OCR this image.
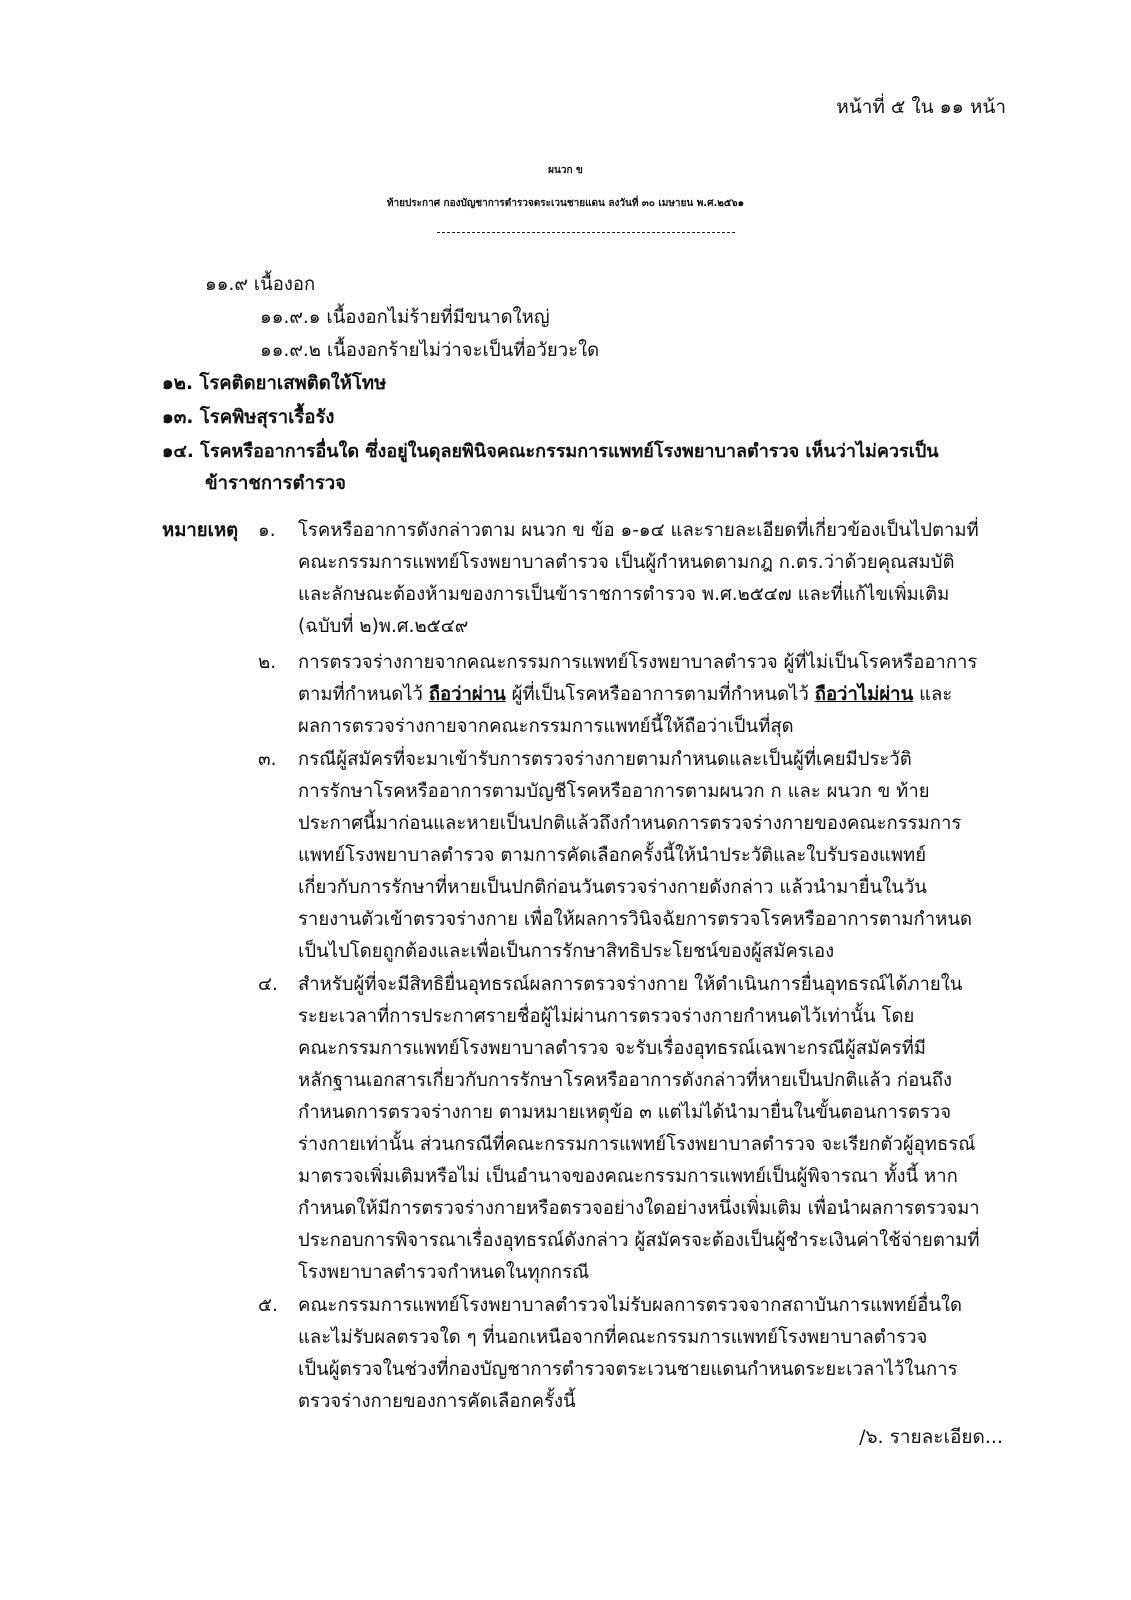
หน้าที่ ๕ ใน ๑๑ หน้า
ผนวก ข
ท้ายประกาศ กองบัญชาการตำรวจตระเวนชายแดน ลงวันที่ ๓๐ เมษายน พ.ศ.๒๕๖๑
๑๑.๙ เนื้องอก
๑๑.๙.๑ เนื้องอกไม่ร้ายที่มีขนาดใหญ่
๑๑.๙.๒ เนื้องอกร้ายไม่ว่าจะเป็นที่อวัยวะใด
๑๒. โรคติดยาเสพติดให้โทษ
๑๓. โรคพิษสุราเรื้อรัง
๑๔. โรคหรืออาการอื่นใด ซึ่งอยู่ในดุลยพินิจคณะกรรมการแพทย์โรงพยาบาลตำรวจ เห็นว่าไม่ควรเป็น
ข้าราชการตำรวจ
หมายเหตุ ๑. โรคหรืออาการดังกล่าวตาม ผนวก ข ข้อ ๑-๑๔ และรายละเอียดที่เกี่ยวข้องเป็นไปตามที่
คณะกรรมการแพทย์โรงพยาบาลตำรวจ เป็นผู้กำหนดตามกฎ ก.ตร.ว่าด้วยคุณสมบัติ
และลักษณะต้องห้ามของการเป็นข้าราชการตำรวจ พ.ศ.๒๕๔๗ และที่แก้ไขเพิ่มเติม
(ฉบับที่ ๒)พ.ศ.๒๕๔๙
๒. การตรวจร่างกายจากคณะกรรมการแพทย์โรงพยาบาลตำรวจ ผู้ที่ไม่เป็นโรคหรืออาการ
ตามที่กำหนดไว้ ถือว่าผ่าน ผู้ที่เป็นโรคหรืออาการตามที่กำหนดไว้ ถือว่าไม่ผ่าน และ
ผลการตรวจร่างกายจากคณะกรรมการแพทย์นี้ให้ถือว่าเป็นที่สุด
๓. กรณีผู้สมัครที่จะมาเข้ารับการตรวจร่างกายตามกำหนดและเป็นผู้ที่เคยมีประวัติ
การรักษาโรคหรืออาการตามบัญชีโรคหรืออาการตามผนวก ก และ ผนวก ข ท้าย
ประกาศนี้มาก่อนและหายเป็นปกติแล้วถึงกำหนดการตรวจร่างกายของคณะกรรมการ
แพทย์โรงพยาบาลตำรวจ ตามการคัดเลือกครั้งนี้ให้นำประวัติและใบรับรองแพทย์
เกี่ยวกับการรักษาที่หายเป็นปกติก่อนวันตรวจร่างกายดังกล่าว แล้วนำมายื่นในวัน
รายงานตัวเข้าตรวจร่างกาย เพื่อให้ผลการวินิจฉัยการตรวจโรคหรืออาการตามกำหนด
เป็นไปโดยถูกต้องและเพื่อเป็นการรักษาสิทธิประโยชน์ของผู้สมัครเอง
๔. สำหรับผู้ที่จะมีสิทธิยื่นอุทธรณ์ผลการตรวจร่างกาย ให้ดำเนินการยื่นอุทธรณ์ได้ภายใน
ระยะเวลาที่การประกาศรายชื่อผู้ไม่ผ่านการตรวจร่างกายกำหนดไว้เท่านั้น โดย
คณะกรรมการแพทย์โรงพยาบาลตำรวจ จะรับเรื่องอุทธรณ์เฉพาะกรณีผู้สมัครที่มี
หลักฐานเอกสารเกี่ยวกับการรักษาโรคหรืออาการดังกล่าวที่หายเป็นปกติแล้ว ก่อนถึง
กำหนดการตรวจร่างกาย ตามหมายเหตุข้อ ๓ แต่ไม่ได้นำมายื่นในขั้นตอนการตรวจ
ร่างกายเท่านั้น ส่วนกรณีที่คณะกรรมการแพทย์โรงพยาบาลตำรวจ จะเรียกตัวผู้อุทธรณ์
มาตรวจเพิ่มเติมหรือไม่ เป็นอำนาจของคณะกรรมการแพทย์เป็นผู้พิจารณา ทั้งนี้ หาก
กำหนดให้มีการตรวจร่างกายหรือตรวจอย่างใดอย่างหนึ่งเพิ่มเติม เพื่อนำผลการตรวจมา
ประกอบการพิจารณาเรื่องอุทธรณ์ดังกล่าว ผู้สมัครจะต้องเป็นผู้ชำระเงินค่าใช้จ่ายตามที่
โรงพยาบาลตำรวจกำหนดในทุกกรณี
๕. คณะกรรมการแพทย์โรงพยาบาลตำรวจไม่รับผลการตรวจจากสถาบันการแพทย์อื่นใด
และไม่รับผลตรวจใด ๆ ที่นอกเหนือจากที่คณะกรรมการแพทย์โรงพยาบาลตำรวจ
เป็นผู้ตรวจในช่วงที่กองบัญชาการตำรวจตระเวนชายแดนกำหนดระยะเวลาไว้ในการ
ตรวจร่างกายของการคัดเลือกครั้งนี้
/๖. รายละเอียด...
